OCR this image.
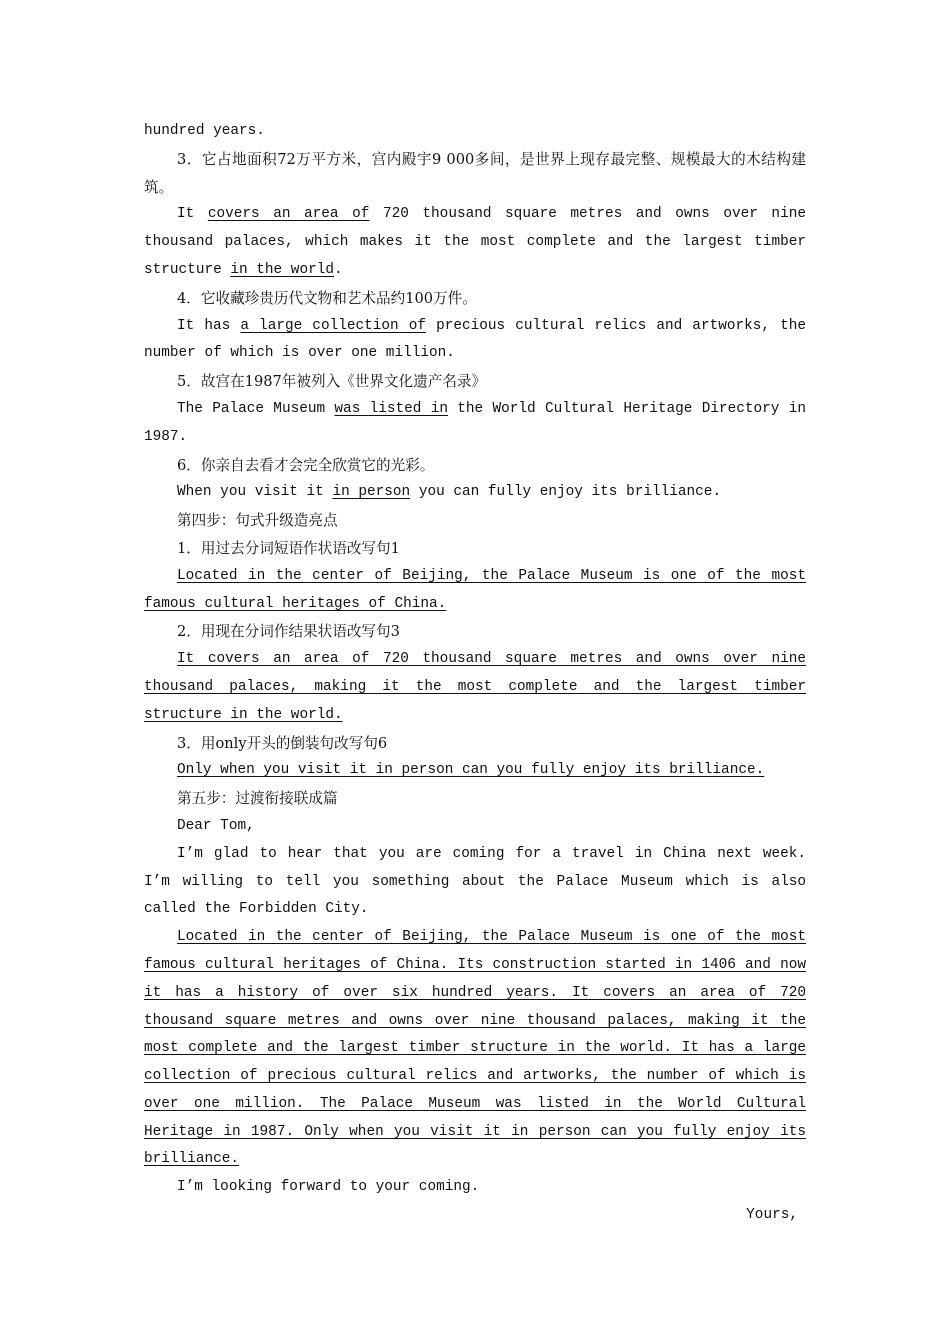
hundred years.

3．它占地面积72万平方米，宫内殿宇9 000多间，是世界上现存最完整、规模最大的木结构建筑。

It covers an area of 720 thousand square metres and owns over nine thousand palaces, which makes it the most complete and the largest timber structure in the world.

4．它收藏珍贵历代文物和艺术品约100万件。

It has a large collection of precious cultural relics and artworks, the number of which is over one million.

5．故宫在1987年被列入《世界文化遗产名录》

The Palace Museum was listed in the World Cultural Heritage Directory in 1987.

6．你亲自去看才会完全欣赏它的光彩。

When you visit it in person you can fully enjoy its brilliance.

第四步：句式升级造亮点

1．用过去分词短语作状语改写句1

Located in the center of Beijing, the Palace Museum is one of the most famous cultural heritages of China.

2．用现在分词作结果状语改写句3

It covers an area of 720 thousand square metres and owns over nine thousand palaces, making it the most complete and the largest timber structure in the world.

3．用only开头的倒装句改写句6

Only when you visit it in person can you fully enjoy its brilliance.

第五步：过渡衔接联成篇

Dear Tom,

I’m glad to hear that you are coming for a travel in China next week. I’m willing to tell you something about the Palace Museum which is also called the Forbidden City.

Located in the center of Beijing, the Palace Museum is one of the most famous cultural heritages of China. Its construction started in 1406 and now it has a history of over six hundred years. It covers an area of 720 thousand square metres and owns over nine thousand palaces, making it the most complete and the largest timber structure in the world. It has a large collection of precious cultural relics and artworks, the number of which is over one million. The Palace Museum was listed in the World Cultural Heritage in 1987. Only when you visit it in person can you fully enjoy its brilliance.

I’m looking forward to your coming.

Yours,
